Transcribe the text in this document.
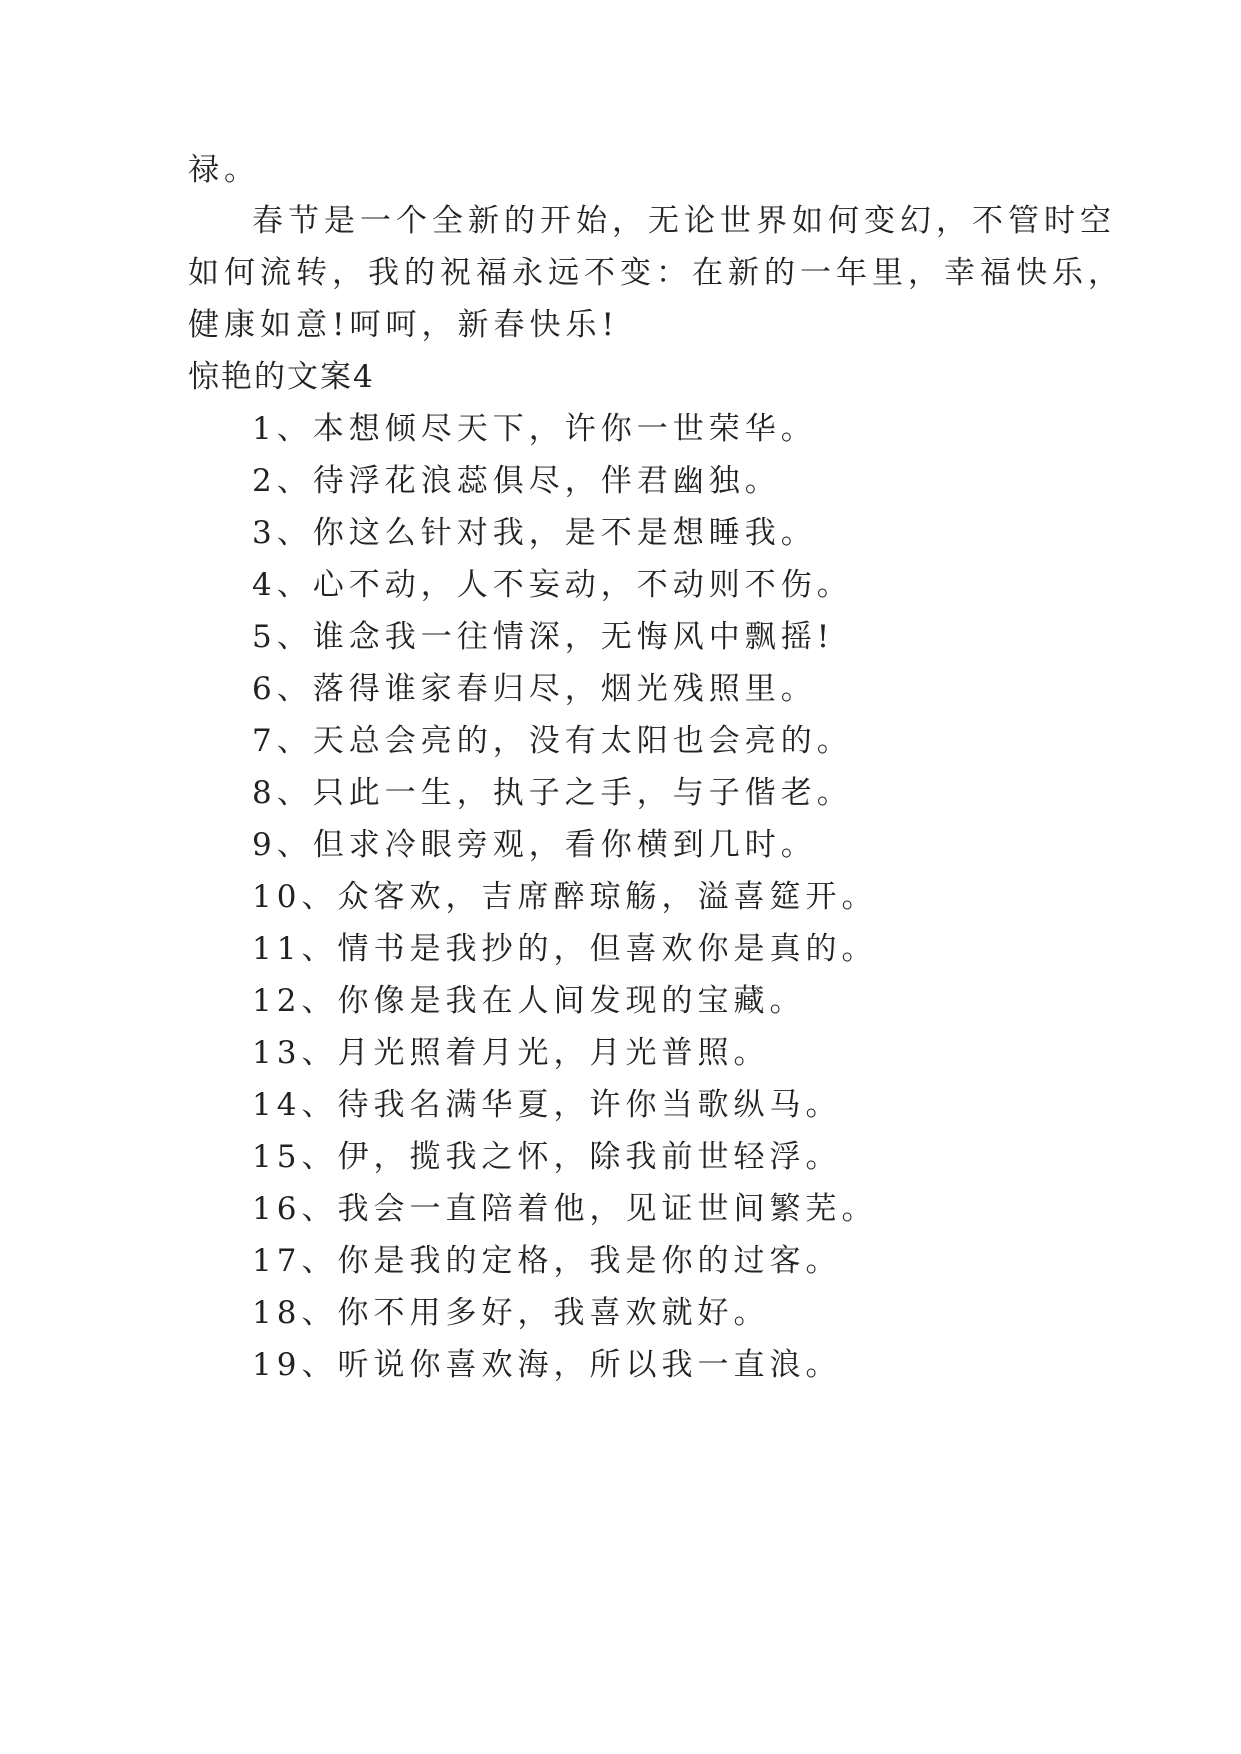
禄。
春节是一个全新的开始，无论世界如何变幻，不管时空
如何流转，我的祝福永远不变：在新的一年里，幸福快乐，
健康如意!呵呵，新春快乐!
惊艳的文案4
1、本想倾尽天下，许你一世荣华。
2、待浮花浪蕊俱尽，伴君幽独。
3、你这么针对我，是不是想睡我。
4、心不动，人不妄动，不动则不伤。
5、谁念我一往情深，无悔风中飘摇!
6、落得谁家春归尽，烟光残照里。
7、天总会亮的，没有太阳也会亮的。
8、只此一生，执子之手，与子偕老。
9、但求冷眼旁观，看你横到几时。
10、众客欢，吉席醉琼觞，溢喜筵开。
11、情书是我抄的，但喜欢你是真的。
12、你像是我在人间发现的宝藏。
13、月光照着月光，月光普照。
14、待我名满华夏，许你当歌纵马。
15、伊，揽我之怀，除我前世轻浮。
16、我会一直陪着他，见证世间繁芜。
17、你是我的定格，我是你的过客。
18、你不用多好，我喜欢就好。
19、听说你喜欢海，所以我一直浪。
